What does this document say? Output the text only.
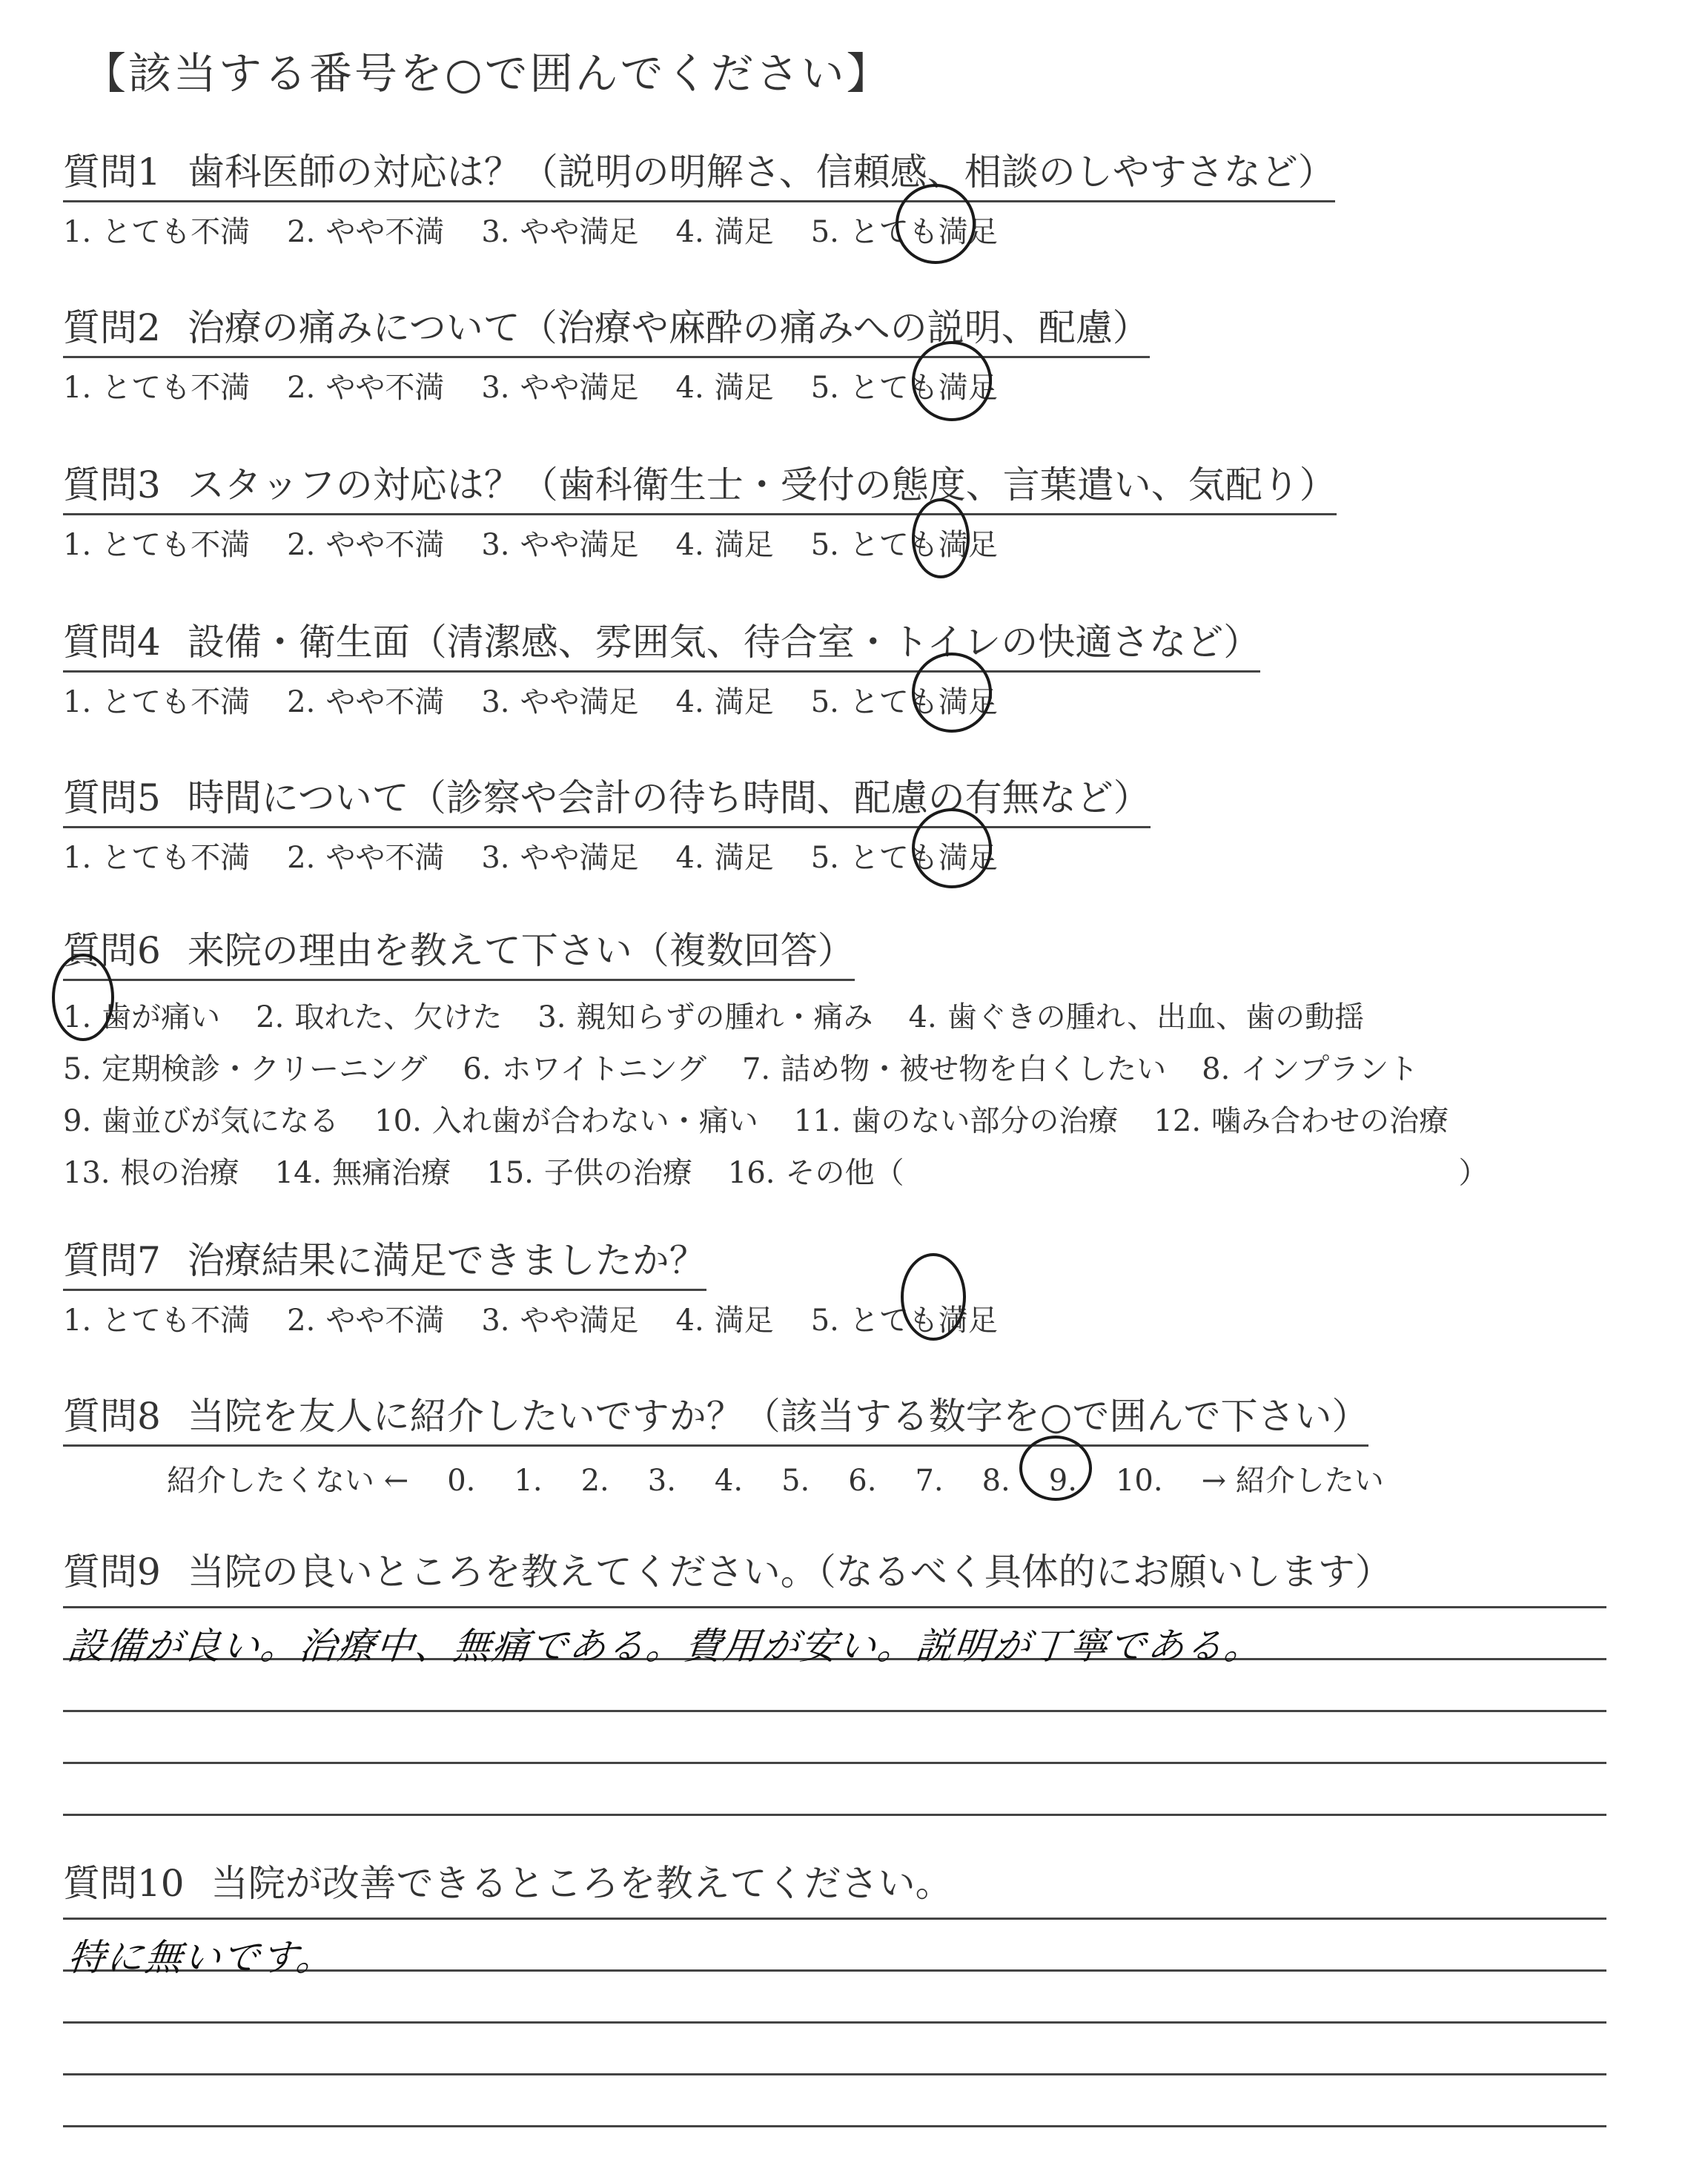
【該当する番号を○で囲んでください】
質問1 歯科医師の対応は？（説明の明解さ、信頼感、相談のしやすさなど）
1. とても不満 2. やや不満 3. やや満足 4. 満足 5. とても満足
質問2 治療の痛みについて（治療や麻酔の痛みへの説明、配慮）
1. とても不満 2. やや不満 3. やや満足 4. 満足 5. とても満足
質問3 スタッフの対応は？（歯科衛生士・受付の態度、言葉遣い、気配り）
1. とても不満 2. やや不満 3. やや満足 4. 満足 5. とても満足
質問4 設備・衛生面（清潔感、雰囲気、待合室・トイレの快適さなど）
1. とても不満 2. やや不満 3. やや満足 4. 満足 5. とても満足
質問5 時間について（診察や会計の待ち時間、配慮の有無など）
1. とても不満 2. やや不満 3. やや満足 4. 満足 5. とても満足
質問6 来院の理由を教えて下さい（複数回答）
1. 歯が痛い 2. 取れた、欠けた 3. 親知らずの腫れ・痛み 4. 歯ぐきの腫れ、出血、歯の動揺
5. 定期検診・クリーニング 6. ホワイトニング 7. 詰め物・被せ物を白くしたい 8. インプラント
9. 歯並びが気になる 10. 入れ歯が合わない・痛い 11. 歯のない部分の治療 12. 噛み合わせの治療
13. 根の治療 14. 無痛治療 15. 子供の治療 16. その他（	）
質問7 治療結果に満足できましたか？
1. とても不満 2. やや不満 3. やや満足 4. 満足 5. とても満足
質問8 当院を友人に紹介したいですか？（該当する数字を○で囲んで下さい）
紹介したくない ← 0. 1. 2. 3. 4. 5. 6. 7. 8. 9. 10. → 紹介したい
質問9 当院の良いところを教えてください。（なるべく具体的にお願いします）
設備が良い。治療中、無痛である。費用が安い。説明が丁寧である。
質問10 当院が改善できるところを教えてください。
特に無いです。
